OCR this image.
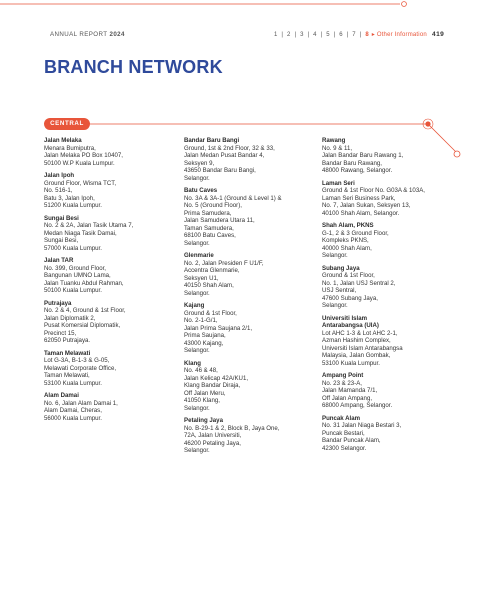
ANNUAL REPORT 2024	1 | 2 | 3 | 4 | 5 | 6 | 7 | 8 ▸ Other Information 419
BRANCH NETWORK
CENTRAL
Jalan Melaka
Menara Bumiputra,
Jalan Melaka PO Box 10407,
50100 W.P Kuala Lumpur.
Jalan Ipoh
Ground Floor, Wisma TCT,
No. 516-1,
Batu 3, Jalan Ipoh,
51200 Kuala Lumpur.
Sungai Besi
No. 2 & 2A, Jalan Tasik Utama 7,
Medan Niaga Tasik Damai,
Sungai Besi,
57000 Kuala Lumpur.
Jalan TAR
No. 399, Ground Floor,
Bangunan UMNO Lama,
Jalan Tuanku Abdul Rahman,
50100 Kuala Lumpur.
Putrajaya
No. 2 & 4, Ground & 1st Floor,
Jalan Diplomatik 2,
Pusat Komersial Diplomatik,
Precinct 15,
62050 Putrajaya.
Taman Melawati
Lot G-3A, B-1-3 & G-05,
Melawati Corporate Office,
Taman Melawati,
53100 Kuala Lumpur.
Alam Damai
No. 6, Jalan Alam Damai 1,
Alam Damai, Cheras,
56000 Kuala Lumpur.
Bandar Baru Bangi
Ground, 1st & 2nd Floor, 32 & 33,
Jalan Medan Pusat Bandar 4,
Seksyen 9,
43650 Bandar Baru Bangi,
Selangor.
Batu Caves
No. 3A & 3A-1 (Ground & Level 1) &
No. 5 (Ground Floor),
Prima Samudera,
Jalan Samudera Utara 11,
Taman Samudera,
68100 Batu Caves,
Selangor.
Glenmarie
No. 2, Jalan Presiden F U1/F,
Accentra Glenmarie,
Seksyen U1,
40150 Shah Alam,
Selangor.
Kajang
Ground & 1st Floor,
No. 2-1-G/1,
Jalan Prima Saujana 2/1,
Prima Saujana,
43000 Kajang,
Selangor.
Klang
No. 46 & 48,
Jalan Kelicap 42A/KU1,
Klang Bandar Diraja,
Off Jalan Meru,
41050 Klang,
Selangor.
Petaling Jaya
No. B-29-1 & 2, Block B, Jaya One,
72A, Jalan Universiti,
46200 Petaling Jaya,
Selangor.
Rawang
No. 9 & 11,
Jalan Bandar Baru Rawang 1,
Bandar Baru Rawang,
48000 Rawang, Selangor.
Laman Seri
Ground & 1st Floor No. G03A & 103A,
Laman Seri Business Park,
No. 7, Jalan Sukan, Seksyen 13,
40100 Shah Alam, Selangor.
Shah Alam, PKNS
G-1, 2 & 3 Ground Floor,
Kompleks PKNS,
40000 Shah Alam,
Selangor.
Subang Jaya
Ground & 1st Floor,
No. 1, Jalan USJ Sentral 2,
USJ Sentral,
47600 Subang Jaya,
Selangor.
Universiti Islam
Antarabangsa (UIA)
Lot AHC 1-3 & Lot AHC 2-1,
Azman Hashim Complex,
Universiti Islam Antarabangsa
Malaysia, Jalan Gombak,
53100 Kuala Lumpur.
Ampang Point
No. 23 & 23-A,
Jalan Mamanda 7/1,
Off Jalan Ampang,
68000 Ampang, Selangor.
Puncak Alam
No. 31 Jalan Niaga Bestari 3,
Puncak Bestari,
Bandar Puncak Alam,
42300 Selangor.
